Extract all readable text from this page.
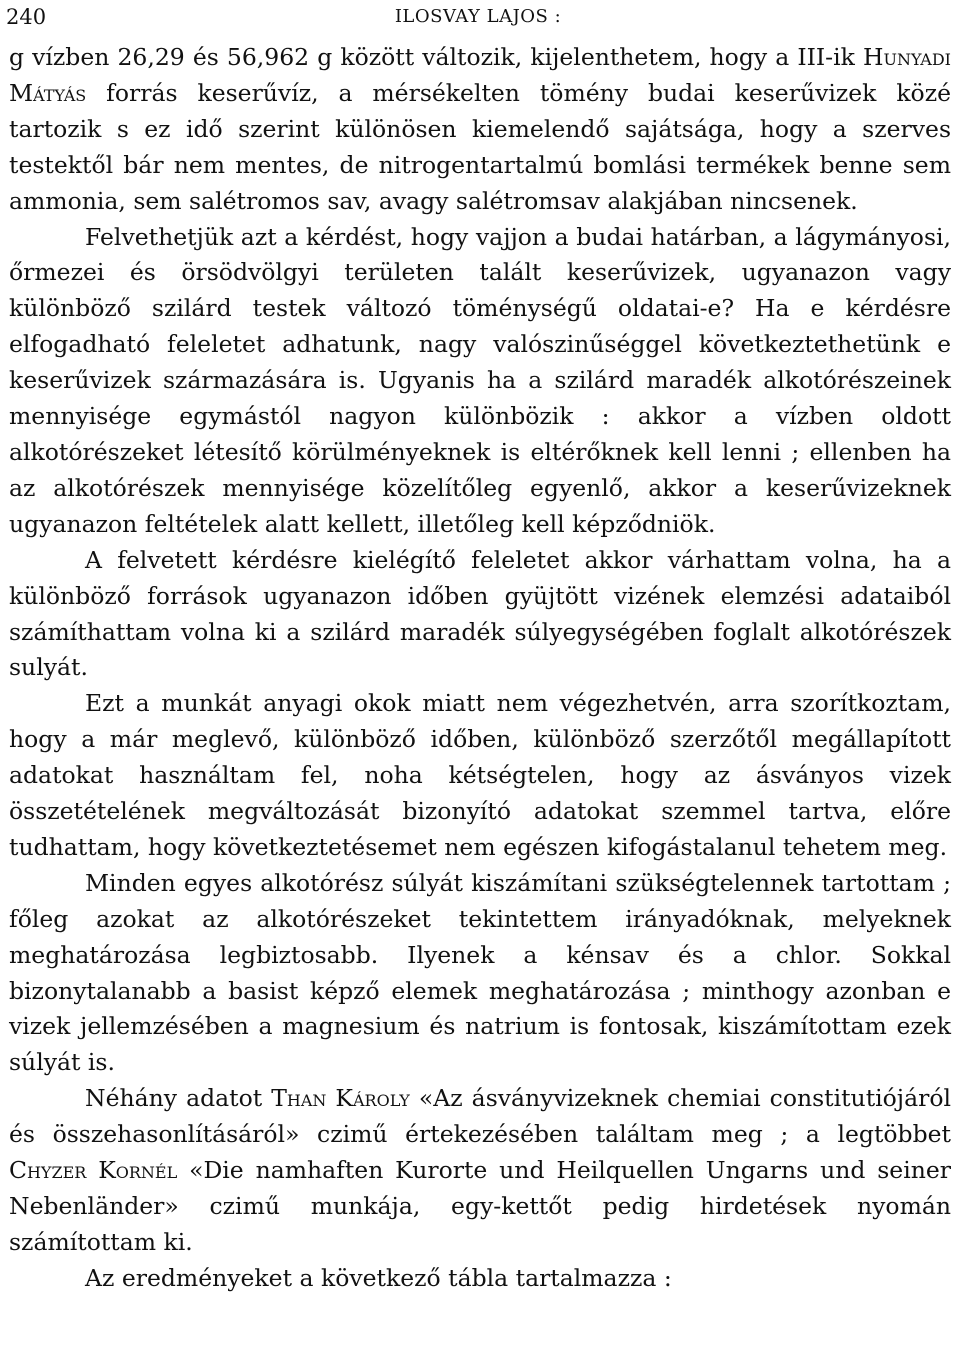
240	ILOSVAY LAJOS :

g vízben 26,29 és 56,962 g között változik, kijelenthetem, hogy a III-ik Hunyadi Mátyás forrás keserűvíz, a mérsékelten tömény budai keserűvizek közé tartozik s ez idő szerint különösen kiemelendő sajátsága, hogy a szerves testektől bár nem mentes, de nitrogentartalmú bomlási termékek benne sem ammonia, sem salétromos sav, avagy salétromsav alakjában nincsenek.

Felvethetjük azt a kérdést, hogy vajjon a budai határban, a lágymányosi, őrmezei és örsödvölgyi területen talált keserűvizek, ugyanazon vagy különböző szilárd testek változó töménységű oldatai-e? Ha e kérdésre elfogadható feleletet adhatunk, nagy valószinűséggel következtethetünk e keserűvizek származására is. Ugyanis ha a szilárd maradék alkotórészeinek mennyisége egymástól nagyon különbözik : akkor a vízben oldott alkotórészeket létesítő körülményeknek is eltérőknek kell lenni ; ellenben ha az alkotórészek mennyisége közelítőleg egyenlő, akkor a keserűvizeknek ugyanazon feltételek alatt kellett, illetőleg kell képződniök.

A felvetett kérdésre kielégítő feleletet akkor várhattam volna, ha a különböző források ugyanazon időben gyüjtött vizének elemzési adataiból számíthattam volna ki a szilárd maradék súlyegységében foglalt alkotórészek sulyát.

Ezt a munkát anyagi okok miatt nem végezhetvén, arra szorítkoztam, hogy a már meglevő, különböző időben, különböző szerzőtől megállapított adatokat használtam fel, noha kétségtelen, hogy az ásványos vizek összetételének megváltozását bizonyító adatokat szemmel tartva, előre tudhattam, hogy következtetésemet nem egészen kifogástalanul tehetem meg.

Minden egyes alkotórész súlyát kiszámítani szükségtelennek tartottam ; főleg azokat az alkotórészeket tekintettem irányadóknak, melyeknek meghatározása legbiztosabb. Ilyenek a kénsav és a chlor. Sokkal bizonytalanabb a basist képző elemek meghatározása ; minthogy azonban e vizek jellemzésében a magnesium és natrium is fontosak, kiszámítottam ezek súlyát is.

Néhány adatot Than Károly «Az ásványvizeknek chemiai constitutiójáról és összehasonlításáról» czimű értekezésében találtam meg ; a legtöbbet Chyzer Kornél «Die namhaften Kurorte und Heilquellen Ungarns und seiner Nebenländer» czimű munkája, egy-kettőt pedig hirdetések nyomán számítottam ki.

Az eredményeket a következő tábla tartalmazza :
